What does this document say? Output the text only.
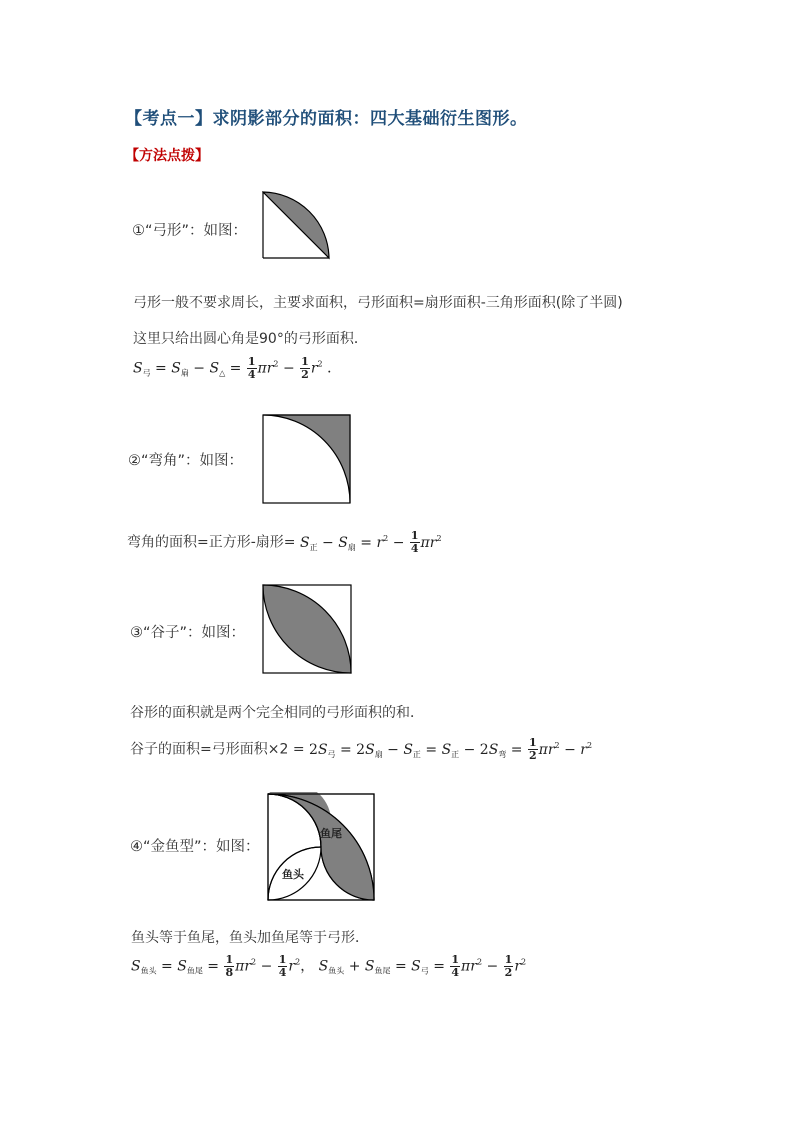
【考点一】求阴影部分的面积：四大基础衍生图形。
【方法点拨】
①“弓形”：如图：
弓形一般不要求周长，主要求面积，弓形面积=扇形面积-三角形面积(除了半圆)
这里只给出圆心角是90°的弓形面积．
$S_弓 = S_扇 - S_\triangle = \frac{1}{4} \pi r^2 - \frac{1}{2} r^2$ ．
②“弯角”：如图：
弯角的面积=正方形-扇形= $S_正 - S_扇 = r^2 - \frac{1}{4} \pi r^2$
③“谷子”：如图：
谷形的面积就是两个完全相同的弓形面积的和．
谷子的面积=弓形面积$\times 2 = 2S_弓 = 2S_扇 - S_正 = S_正 - 2S_弯 = \frac{1}{2} \pi r^2 - r^2$
④“金鱼型”：如图：
鱼尾
鱼头
鱼头等于鱼尾，鱼头加鱼尾等于弓形．
$S_{鱼头} = S_{鱼尾} = \frac{1}{8} \pi r^2 - \frac{1}{4} r^2$， $S_{鱼头} + S_{鱼尾} = S_弓 = \frac{1}{4} \pi r^2 - \frac{1}{2} r^2$
